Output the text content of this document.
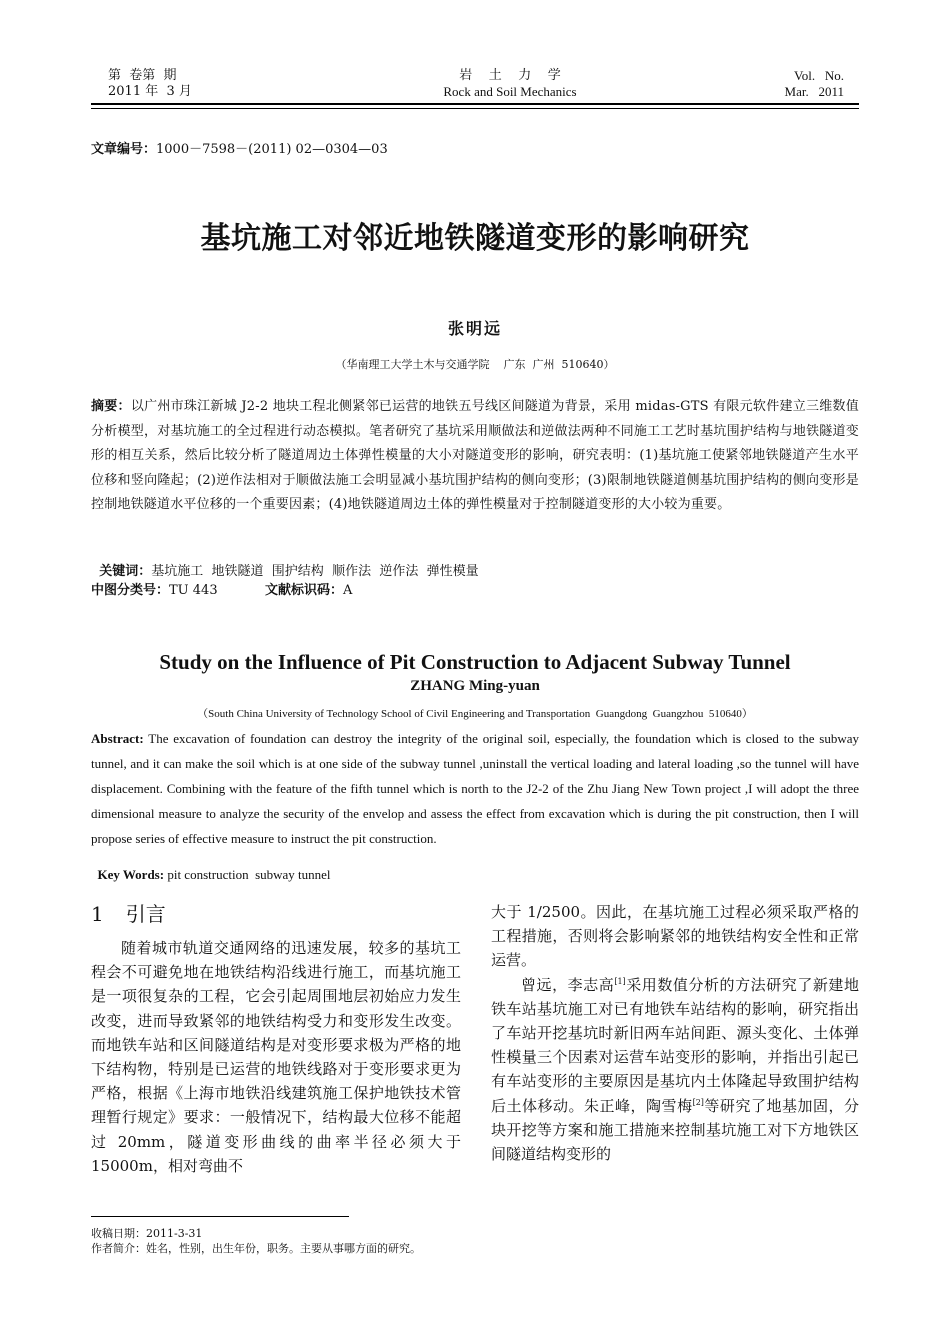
第  卷第  期
2011 年  3 月
岩    土    力    学
Rock and Soil Mechanics
Vol.   No.
Mar.   2011
文章编号：1000－7598－(2011) 02—0304—03
基坑施工对邻近地铁隧道变形的影响研究
张明远
（华南理工大学土木与交通学院    广东  广州  510640）
摘要：以广州市珠江新城 J2-2 地块工程北侧紧邻已运营的地铁五号线区间隧道为背景，采用 midas-GTS 有限元软件建立三维数值分析模型，对基坑施工的全过程进行动态模拟。笔者研究了基坑采用顺做法和逆做法两种不同施工工艺时基坑围护结构与地铁隧道变形的相互关系，然后比较分析了隧道周边土体弹性模量的大小对隧道变形的影响，研究表明：(1)基坑施工使紧邻地铁隧道产生水平位移和竖向隆起；(2)逆作法相对于顺做法施工会明显减小基坑围护结构的侧向变形；(3)限制地铁隧道侧基坑围护结构的侧向变形是控制地铁隧道水平位移的一个重要因素；(4)地铁隧道周边土体的弹性模量对于控制隧道变形的大小较为重要。

关键词：基坑施工  地铁隧道  围护结构  顺作法  逆作法  弹性模量

中图分类号：TU 443	文献标识码：A
Study on the Influence of Pit Construction to Adjacent Subway Tunnel
ZHANG Ming-yuan
（South China University of Technology School of Civil Engineering and Transportation  Guangdong  Guangzhou  510640）
Abstract: The excavation of foundation can destroy the integrity of the original soil, especially, the foundation which is closed to the subway tunnel, and it can make the soil which is at one side of the subway tunnel ,uninstall the vertical loading and lateral loading ,so the tunnel will have displacement. Combining with the feature of the fifth tunnel which is north to the J2-2 of the Zhu Jiang New Town project ,I will adopt the three dimensional measure to analyze the security of the envelop and assess the effect from excavation which is during the pit construction, then I will propose series of effective measure to instruct the pit construction.

Key Words: pit construction  subway tunnel

1 引言

随着城市轨道交通网络的迅速发展，较多的基坑工程会不可避免地在地铁结构沿线进行施工，而基坑施工是一项很复杂的工程，它会引起周围地层初始应力发生改变，进而导致紧邻的地铁结构受力和变形发生改变。而地铁车站和区间隧道结构是对变形要求极为严格的地下结构物，特别是已运营的地铁线路对于变形要求更为严格，根据《上海市地铁沿线建筑施工保护地铁技术管理暂行规定》要求：一般情况下，结构最大位移不能超过 20mm，隧道变形曲线的曲率半径必须大于 15000m，相对弯曲不

大于 1/2500。因此，在基坑施工过程必须采取严格的工程措施，否则将会影响紧邻的地铁结构安全性和正常运营。

曾远，李志高[1]采用数值分析的方法研究了新建地铁车站基坑施工对已有地铁车站结构的影响，研究指出了车站开挖基坑时新旧两车站间距、源头变化、土体弹性模量三个因素对运营车站变形的影响，并指出引起已有车站变形的主要原因是基坑内土体隆起导致围护结构后土体移动。朱正峰，陶雪梅[2]等研究了地基加固，分块开挖等方案和施工措施来控制基坑施工对下方地铁区间隧道结构变形的

收稿日期：2011-3-31
作者简介：姓名，性别，出生年份，职务。主要从事哪方面的研究。
